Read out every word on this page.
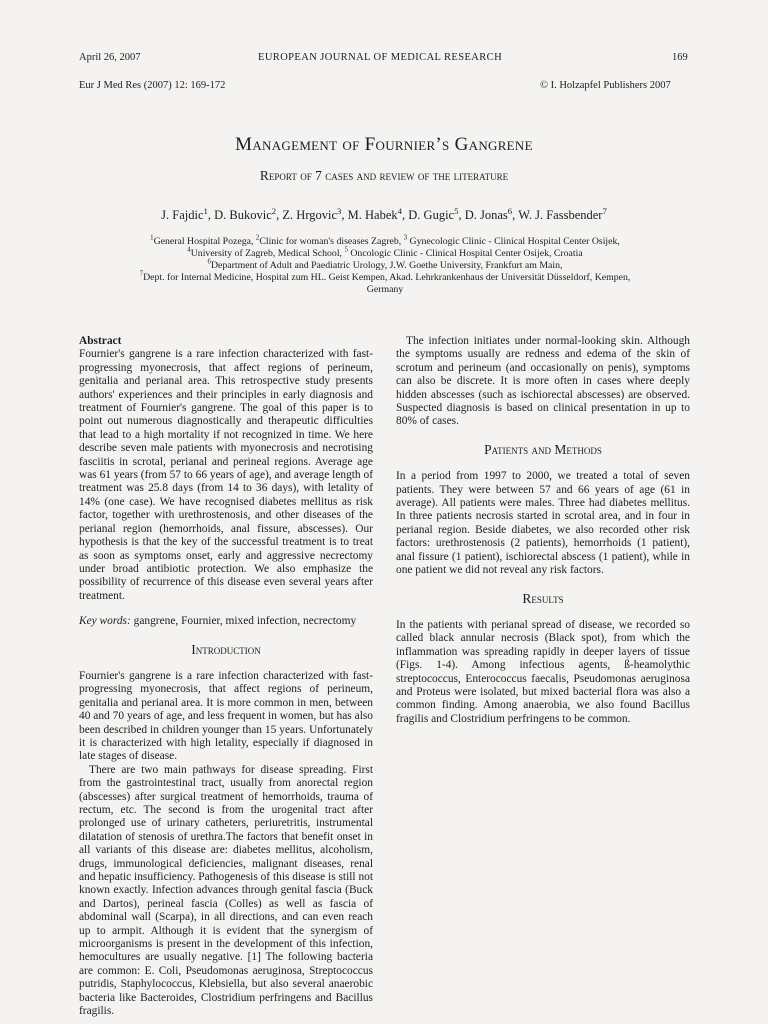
April 26, 2007	EUROPEAN JOURNAL OF MEDICAL RESEARCH	169
Eur J Med Res (2007) 12: 169-172	© I. Holzapfel Publishers 2007
Management of Fournier’s Gangrene
Report of 7 cases and review of the literature
J. Fajdic$^1$, D. Bukovic$^2$, Z. Hrgovic$^3$, M. Habek$^4$, D. Gugic$^5$, D. Jonas$^6$, W. J. Fassbender$^7$
$^1$General Hospital Pozega, $^2$Clinic for woman's diseases Zagreb, $^3$ Gynecologic Clinic - Clinical Hospital Center Osijek,
$^4$University of Zagreb, Medical School, $^5$ Oncologic Clinic - Clinical Hospital Center Osijek, Croatia
$^6$Department of Adult and Paediatric Urology, J.W. Goethe University, Frankfurt am Main,
$^7$Dept. for Internal Medicine, Hospital zum HL. Geist Kempen, Akad. Lehrkrankenhaus der Universität Düsseldorf, Kempen,
Germany
Abstract

Fournier's gangrene is a rare infection characterized with fast-progressing myonecrosis, that affect regions of perineum, genitalia and perianal area. This retrospective study presents authors' experiences and their principles in early diagnosis and treatment of Fournier's gangrene. The goal of this paper is to point out numerous diagnostically and therapeutic difficulties that lead to a high mortality if not recognized in time. We here describe seven male patients with myonecrosis and necrotising fasciitis in scrotal, perianal and perineal regions. Average age was 61 years (from 57 to 66 years of age), and average length of treatment was 25.8 days (from 14 to 36 days), with letality of 14% (one case). We have recognised diabetes mellitus as risk factor, together with urethrostenosis, and other diseases of the perianal region (hemorrhoids, anal fissure, abscesses). Our hypothesis is that the key of the successful treatment is to treat as soon as symptoms onset, early and aggressive necrectomy under broad antibiotic protection. We also emphasize the possibility of recurrence of this disease even several years after treatment.

Key words: gangrene, Fournier, mixed infection, necrectomy

Introduction

Fournier's gangrene is a rare infection characterized with fast-progressing myonecrosis, that affect regions of perineum, genitalia and perianal area. It is more common in men, between 40 and 70 years of age, and less frequent in women, but has also been described in children younger than 15 years. Unfortunately it is characterized with high letality, especially if diagnosed in late stages of disease.

There are two main pathways for disease spreading. First from the gastrointestinal tract, usually from anorectal region (abscesses) after surgical treatment of hemorrhoids, trauma of rectum, etc. The second is from the urogenital tract after prolonged use of urinary catheters, periuretritis, instrumental dilatation of stenosis of urethra.The factors that benefit onset in all variants of this disease are: diabetes mellitus, alcoholism, drugs, immunological deficiencies, malignant diseases, renal and hepatic insufficiency. Pathogenesis of this disease is still not known exactly. Infection advances through genital fascia (Buck and Dartos), perineal fascia (Colles) as well as fascia of abdominal wall (Scarpa), in all directions, and can even reach up to armpit. Although it is evident that the synergism of microorganisms is present in the development of this infection, hemocultures are usually negative. [1] The following bacteria are common: E. Coli, Pseudomonas aeruginosa, Streptococcus putridis, Staphylococcus, Klebsiella, but also several anaerobic bacteria like Bacteroides, Clostridium perfringens and Bacillus fragilis.

The infection initiates under normal-looking skin. Although the symptoms usually are redness and edema of the skin of scrotum and perineum (and occasionally on penis), symptoms can also be discrete. It is more often in cases where deeply hidden abscesses (such as ischiorectal abscesses) are observed. Suspected diagnosis is based on clinical presentation in up to 80% of cases.

Patients and Methods

In a period from 1997 to 2000, we treated a total of seven patients. They were between 57 and 66 years of age (61 in average). All patients were males. Three had diabetes mellitus. In three patients necrosis started in scrotal area, and in four in perianal region. Beside diabetes, we also recorded other risk factors: urethrostenosis (2 patients), hemorrhoids (1 patient), anal fissure (1 patient), ischiorectal abscess (1 patient), while in one patient we did not reveal any risk factors.

Results

In the patients with perianal spread of disease, we recorded so called black annular necrosis (Black spot), from which the inflammation was spreading rapidly in deeper layers of tissue (Figs. 1-4). Among infectious agents, ß-heamolythic streptococcus, Enterococcus faecalis, Pseudomonas aeruginosa and Proteus were isolated, but mixed bacterial flora was also a common finding. Among anaerobia, we also found Bacillus fragilis and Clostridium perfringens to be common.
